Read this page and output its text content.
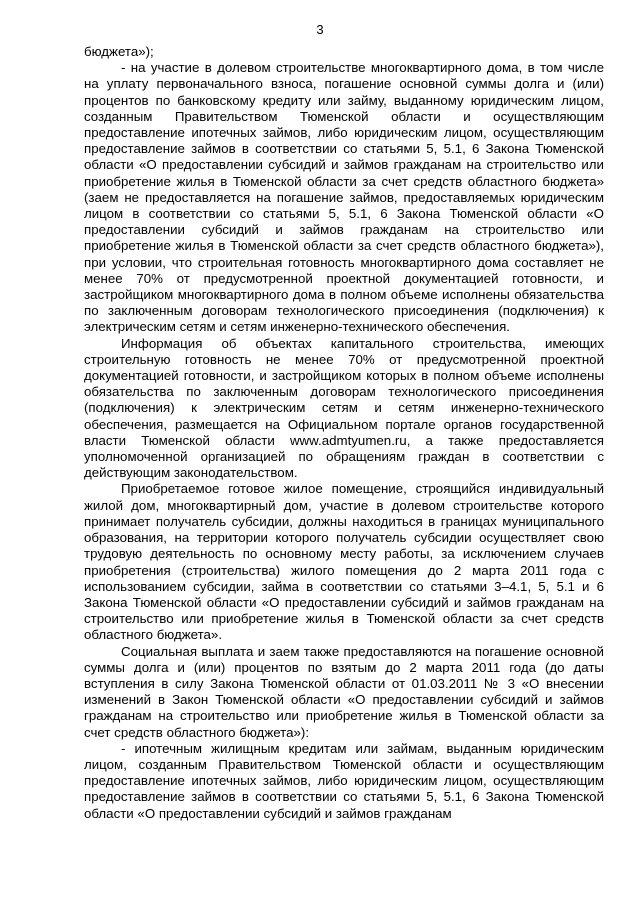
3

бюджета»);

- на участие в долевом строительстве многоквартирного дома, в том числе на уплату первоначального взноса, погашение основной суммы долга и (или) процентов по банковскому кредиту или займу, выданному юридическим лицом, созданным Правительством Тюменской области и осуществляющим предоставление ипотечных займов, либо юридическим лицом, осуществляющим предоставление займов в соответствии со статьями 5, 5.1, 6 Закона Тюменской области «О предоставлении субсидий и займов гражданам на строительство или приобретение жилья в Тюменской области за счет средств областного бюджета» (заем не предоставляется на погашение займов, предоставляемых юридическим лицом в соответствии со статьями 5, 5.1, 6 Закона Тюменской области «О предоставлении субсидий и займов гражданам на строительство или приобретение жилья в Тюменской области за счет средств областного бюджета»), при условии, что строительная готовность многоквартирного дома составляет не менее 70% от предусмотренной проектной документацией готовности, и застройщиком многоквартирного дома в полном объеме исполнены обязательства по заключенным договорам технологического присоединения (подключения) к электрическим сетям и сетям инженерно-технического обеспечения.

Информация об объектах капитального строительства, имеющих строительную готовность не менее 70% от предусмотренной проектной документацией готовности, и застройщиком которых в полном объеме исполнены обязательства по заключенным договорам технологического присоединения (подключения) к электрическим сетям и сетям инженерно-технического обеспечения, размещается на Официальном портале органов государственной власти Тюменской области www.admtyumen.ru, а также предоставляется уполномоченной организацией по обращениям граждан в соответствии с действующим законодательством.

Приобретаемое готовое жилое помещение, строящийся индивидуальный жилой дом, многоквартирный дом, участие в долевом строительстве которого принимает получатель субсидии, должны находиться в границах муниципального образования, на территории которого получатель субсидии осуществляет свою трудовую деятельность по основному месту работы, за исключением случаев приобретения (строительства) жилого помещения до 2 марта 2011 года с использованием субсидии, займа в соответствии со статьями 3–4.1, 5, 5.1 и 6 Закона Тюменской области «О предоставлении субсидий и займов гражданам на строительство или приобретение жилья в Тюменской области за счет средств областного бюджета».

Социальная выплата и заем также предоставляются на погашение основной суммы долга и (или) процентов по взятым до 2 марта 2011 года (до даты вступления в силу Закона Тюменской области от 01.03.2011 № 3 «О внесении изменений в Закон Тюменской области «О предоставлении субсидий и займов гражданам на строительство или приобретение жилья в Тюменской области за счет средств областного бюджета»):

- ипотечным жилищным кредитам или займам, выданным юридическим лицом, созданным Правительством Тюменской области и осуществляющим предоставление ипотечных займов, либо юридическим лицом, осуществляющим предоставление займов в соответствии со статьями 5, 5.1, 6 Закона Тюменской области «О предоставлении субсидий и займов гражданам
